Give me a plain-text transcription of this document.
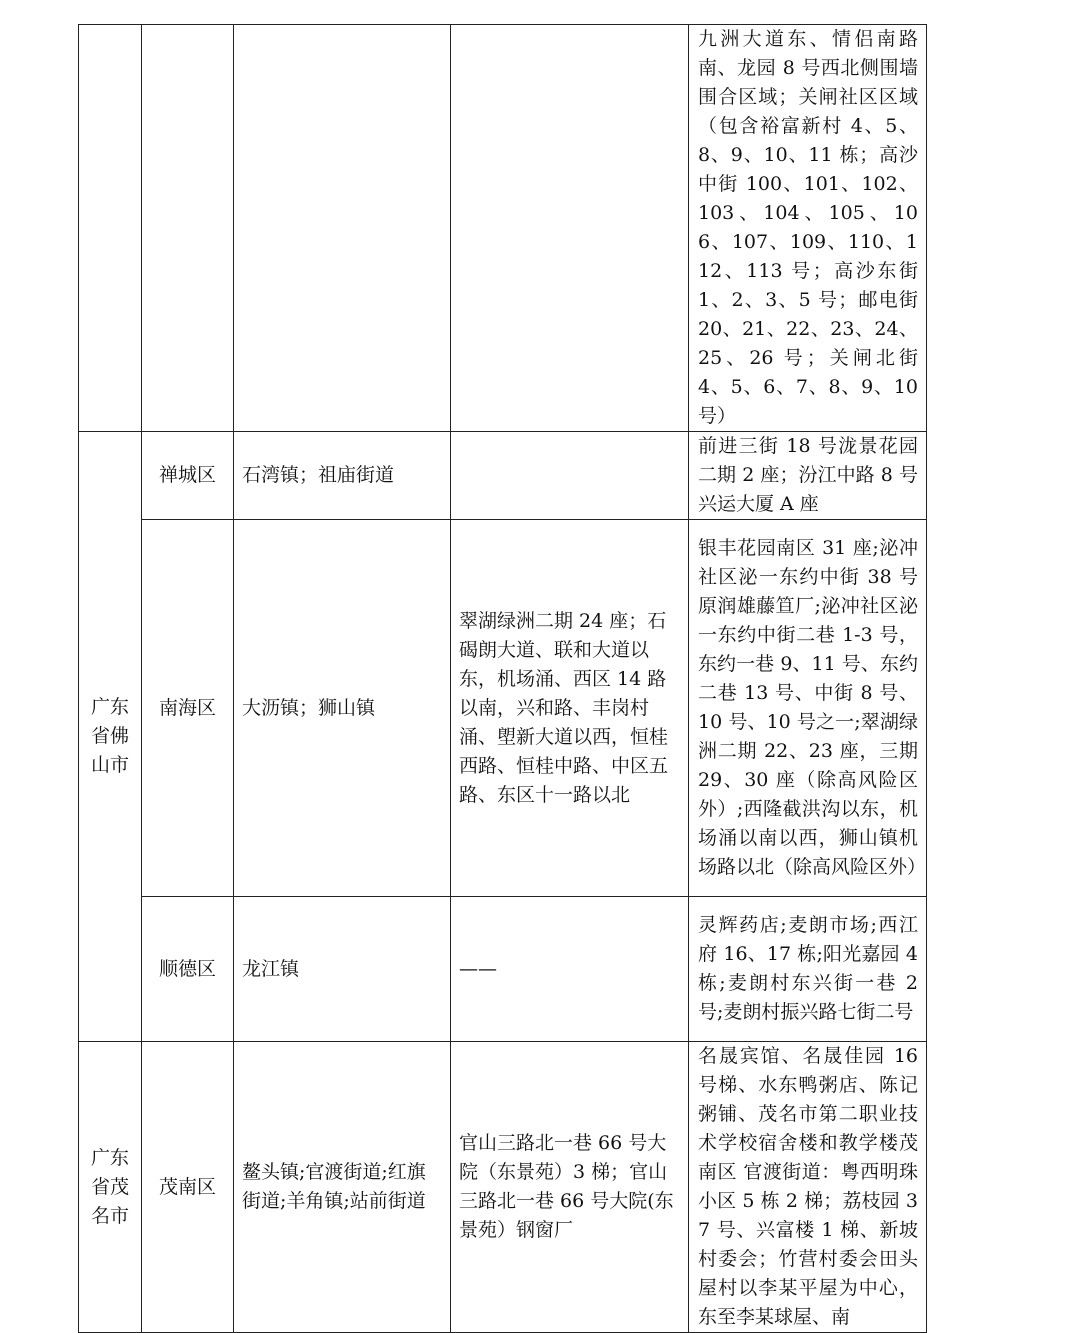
				九洲大道东、情侣南路南、龙园 8 号西北侧围墙围合区域；关闸社区区域（包含裕富新村 4、5、8、9、10、11 栋；高沙中街 100、101、102、103、104、105、106、107、109、110、112、113 号；高沙东街 1、2、3、5 号；邮电街 20、21、22、23、24、25、26 号；关闸北街 4、5、6、7、8、9、10 号）
广东省佛山市	禅城区	石湾镇；祖庙街道		前进三街 18 号泷景花园二期 2 座；汾江中路 8 号兴运大厦 A 座
	南海区	大沥镇；狮山镇	翠湖绿洲二期 24 座；石碣朗大道、联和大道以东，机场涌、西区 14 路以南，兴和路、丰岗村涌、塱新大道以西，恒桂西路、恒桂中路、中区五路、东区十一路以北	银丰花园南区 31 座;泌冲社区泌一东约中街 38 号原润雄藤笪厂;泌冲社区泌一东约中街二巷 1-3 号，东约一巷 9、11 号、东约二巷 13 号、中街 8 号、10 号、10 号之一;翠湖绿洲二期 22、23 座，三期 29、30 座（除高风险区外）;西隆截洪沟以东，机场涌以南以西，狮山镇机场路以北（除高风险区外）
	顺德区	龙江镇	——	灵辉药店;麦朗市场;西江府 16、17 栋;阳光嘉园 4 栋;麦朗村东兴街一巷 2 号;麦朗村振兴路七街二号
广东省茂名市	茂南区	鳌头镇;官渡街道;红旗街道;羊角镇;站前街道	官山三路北一巷 66 号大院（东景苑）3 梯；官山三路北一巷 66 号大院(东景苑）钢窗厂	名晟宾馆、名晟佳园 16 号梯、水东鸭粥店、陈记粥铺、茂名市第二职业技术学校宿舍楼和教学楼茂南区 官渡街道：粤西明珠小区 5 栋 2 梯；荔枝园 37 号、兴富楼 1 梯、新坡村委会；竹营村委会田头屋村以李某平屋为中心，东至李某球屋、南
